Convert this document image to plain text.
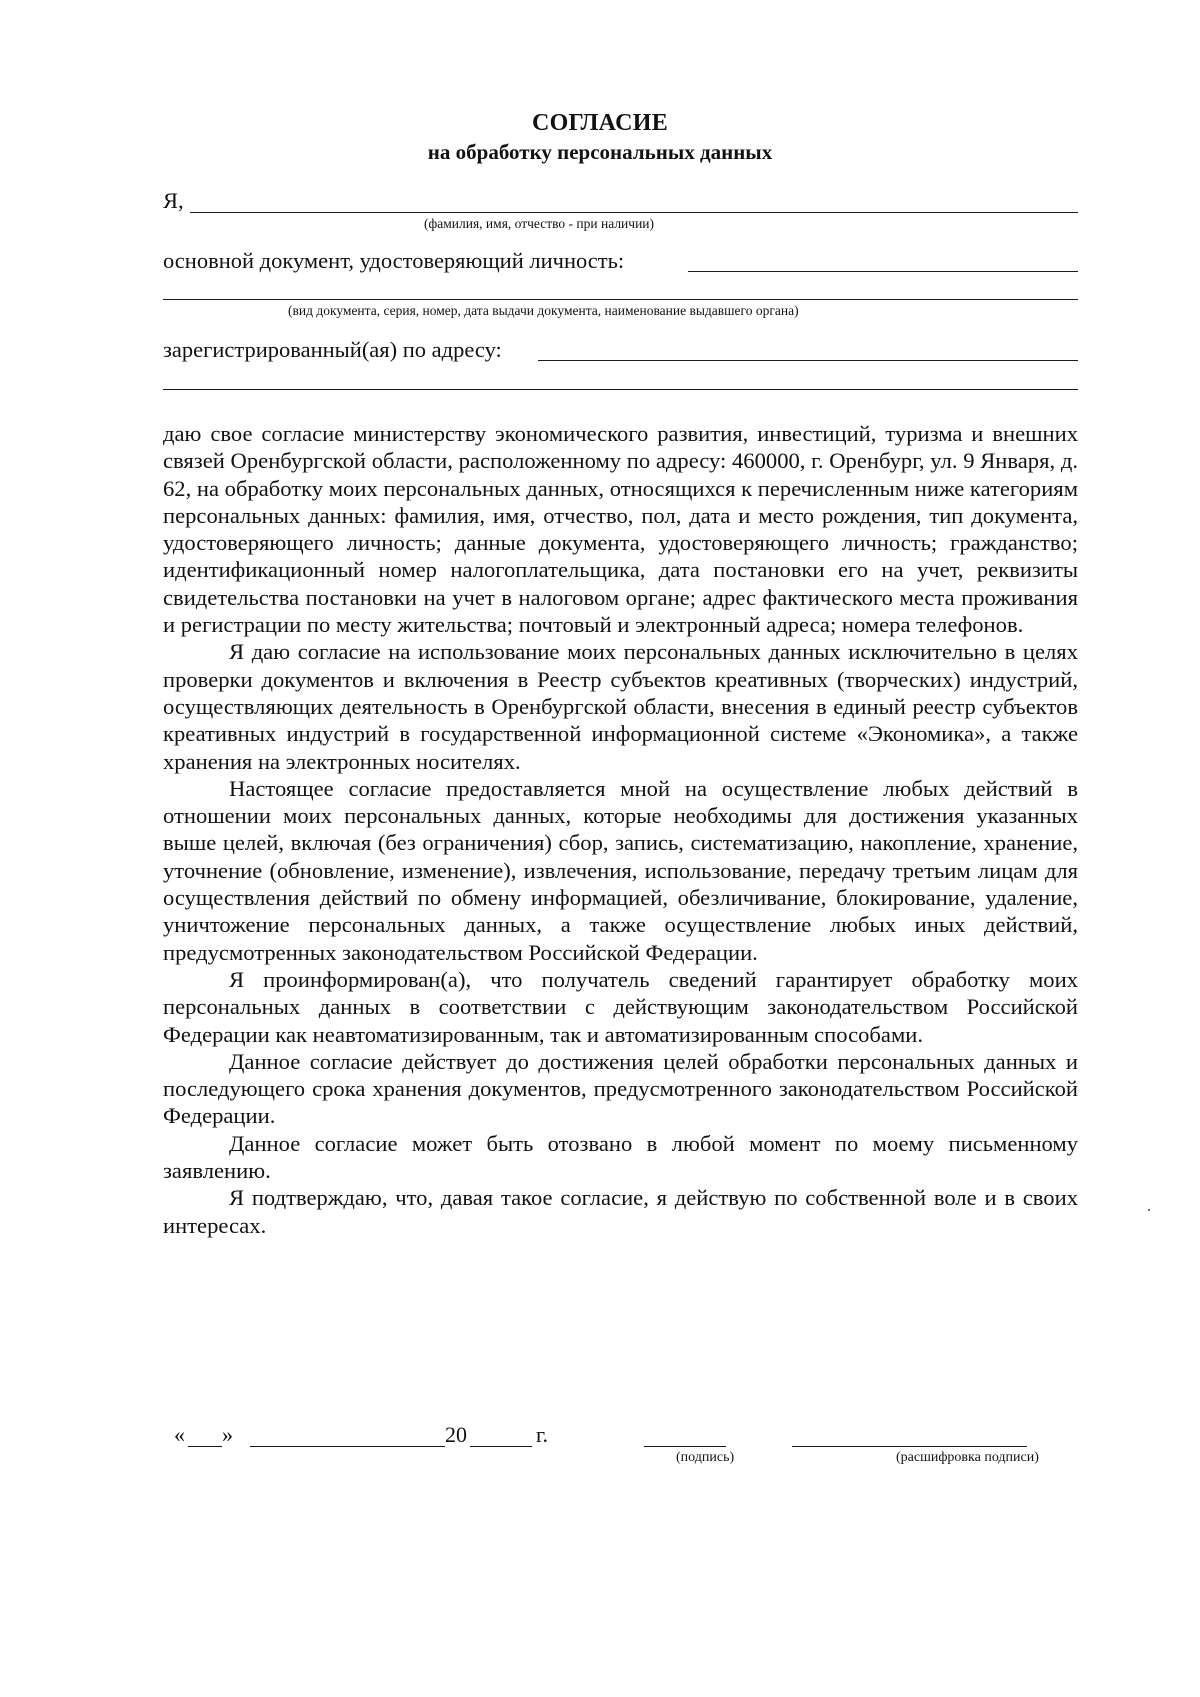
СОГЛАСИЕ
на обработку персональных данных
Я,
(фамилия, имя, отчество - при наличии)
основной документ, удостоверяющий личность:
(вид документа, серия, номер, дата выдачи документа, наименование выдавшего органа)
зарегистрированный(ая) по адресу:

даю свое согласие министерству экономического развития, инвестиций, туризма и внешних связей Оренбургской области, расположенному по адресу: 460000, г. Оренбург, ул. 9 Января, д. 62, на обработку моих персональных данных, относящихся к перечисленным ниже категориям персональных данных: фамилия, имя, отчество, пол, дата и место рождения, тип документа, удостоверяющего личность; данные документа, удостоверяющего личность; гражданство; идентификационный номер налогоплательщика, дата постановки его на учет, реквизиты свидетельства постановки на учет в налоговом органе; адрес фактического места проживания и регистрации по месту жительства; почтовый и электронный адреса; номера телефонов.

Я даю согласие на использование моих персональных данных исключительно в целях проверки документов и включения в Реестр субъектов креативных (творческих) индустрий, осуществляющих деятельность в Оренбургской области, внесения в единый реестр субъектов креативных индустрий в государственной информационной системе «Экономика», а также хранения на электронных носителях.

Настоящее согласие предоставляется мной на осуществление любых действий в отношении моих персональных данных, которые необходимы для достижения указанных выше целей, включая (без ограничения) сбор, запись, систематизацию, накопление, хранение, уточнение (обновление, изменение), извлечения, использование, передачу третьим лицам для осуществления действий по обмену информацией, обезличивание, блокирование, удаление, уничтожение персональных данных, а также осуществление любых иных действий, предусмотренных законодательством Российской Федерации.

Я проинформирован(а), что получатель сведений гарантирует обработку моих персональных данных в соответствии с действующим законодательством Российской Федерации как неавтоматизированным, так и автоматизированным способами.

Данное согласие действует до достижения целей обработки персональных данных и последующего срока хранения документов, предусмотренного законодательством Российской Федерации.

Данное согласие может быть отозвано в любой момент по моему письменному заявлению.

Я подтверждаю, что, давая такое согласие, я действую по собственной воле и в своих интересах.

« »	20	г.
(подпись)	(расшифровка подписи)
